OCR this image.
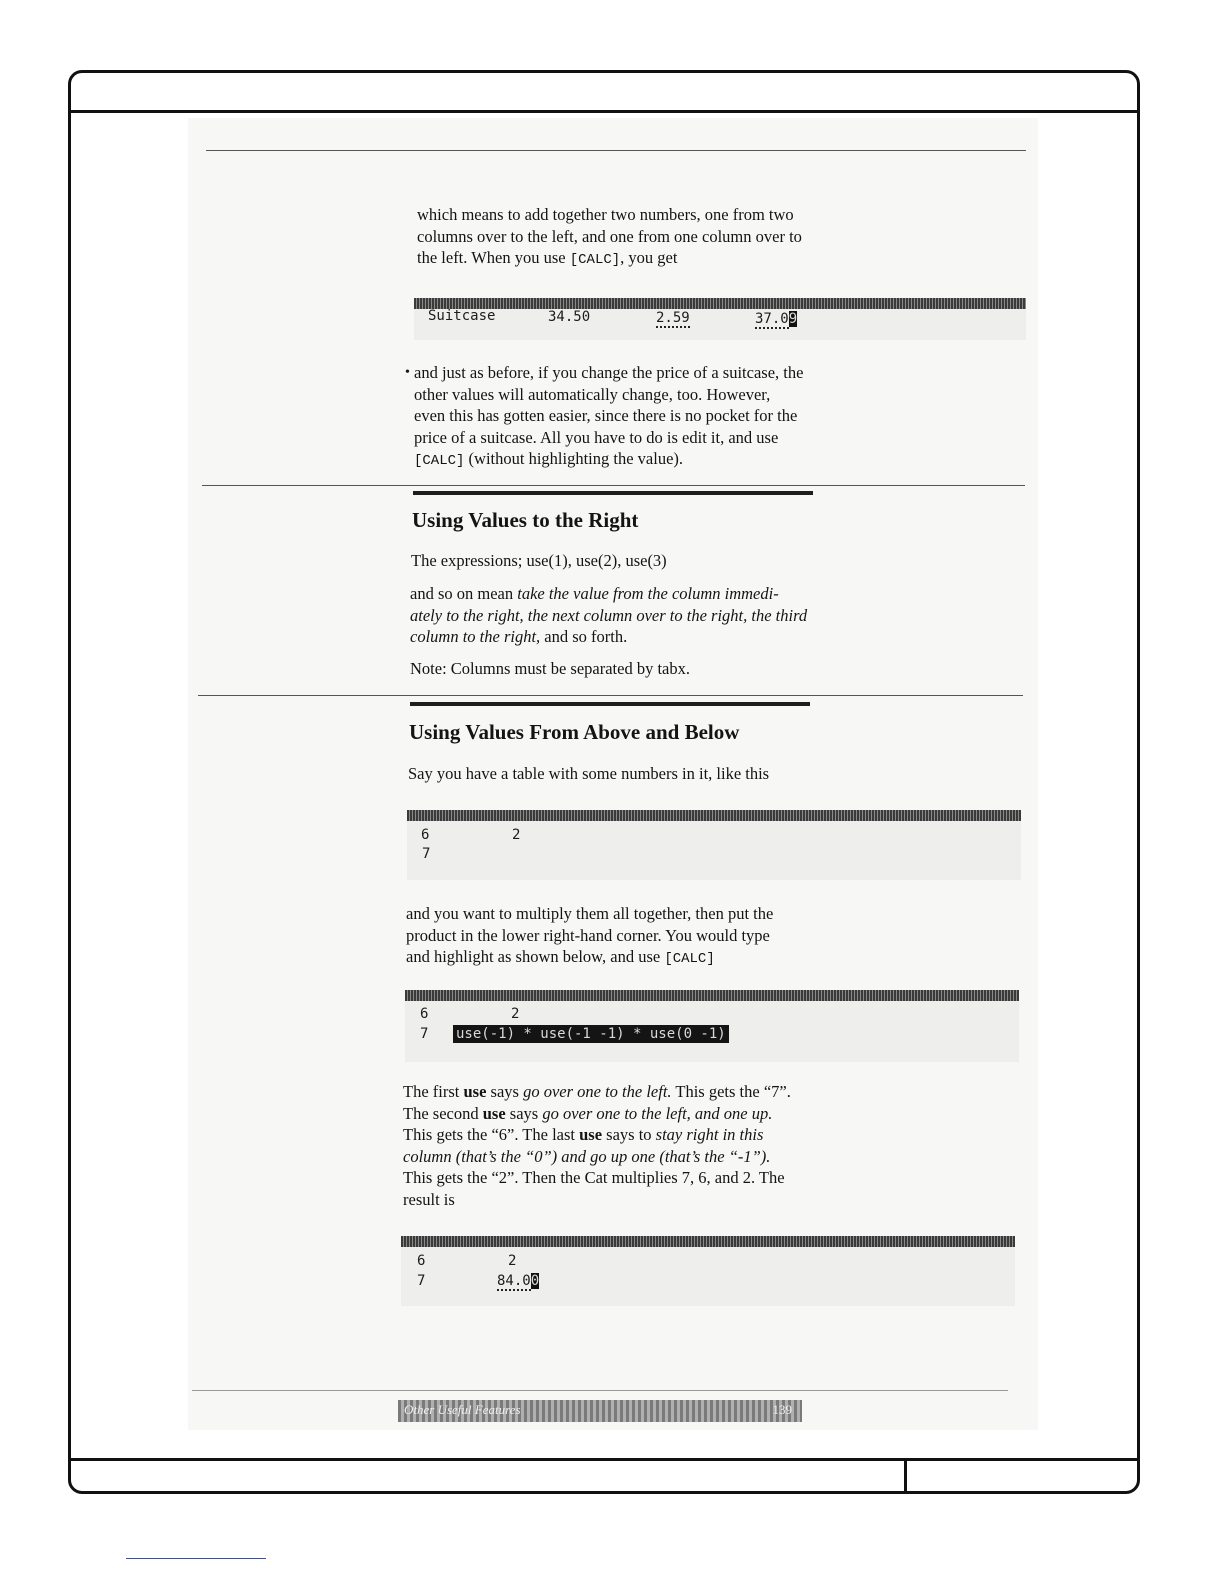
which means to add together two numbers, one from two
columns over to the left, and one from one column over to
the left. When you use [CALC], you get
Suitcase	34.50	2.59	37.09
• and just as before, if you change the price of a suitcase, the
other values will automatically change, too. However,
even this has gotten easier, since there is no pocket for the
price of a suitcase. All you have to do is edit it, and use
[CALC] (without highlighting the value).
Using Values to the Right
The expressions; use(1), use(2), use(3)
and so on mean take the value from the column immedi-
ately to the right, the next column over to the right, the third
column to the right, and so forth.
Note: Columns must be separated by tabx.
Using Values From Above and Below
Say you have a table with some numbers in it, like this
6	2
7
and you want to multiply them all together, then put the
product in the lower right-hand corner. You would type
and highlight as shown below, and use [CALC]
6	2
7 use(-1) * use(-1 -1) * use(0 -1)
The first use says go over one to the left. This gets the “7”.
The second use says go over one to the left, and one up.
This gets the “6”. The last use says to stay right in this
column (that’s the “0”) and go up one (that’s the “-1”).
This gets the “2”. Then the Cat multiplies 7, 6, and 2. The
result is
6	2
7	84.00
Other Useful Features	139
